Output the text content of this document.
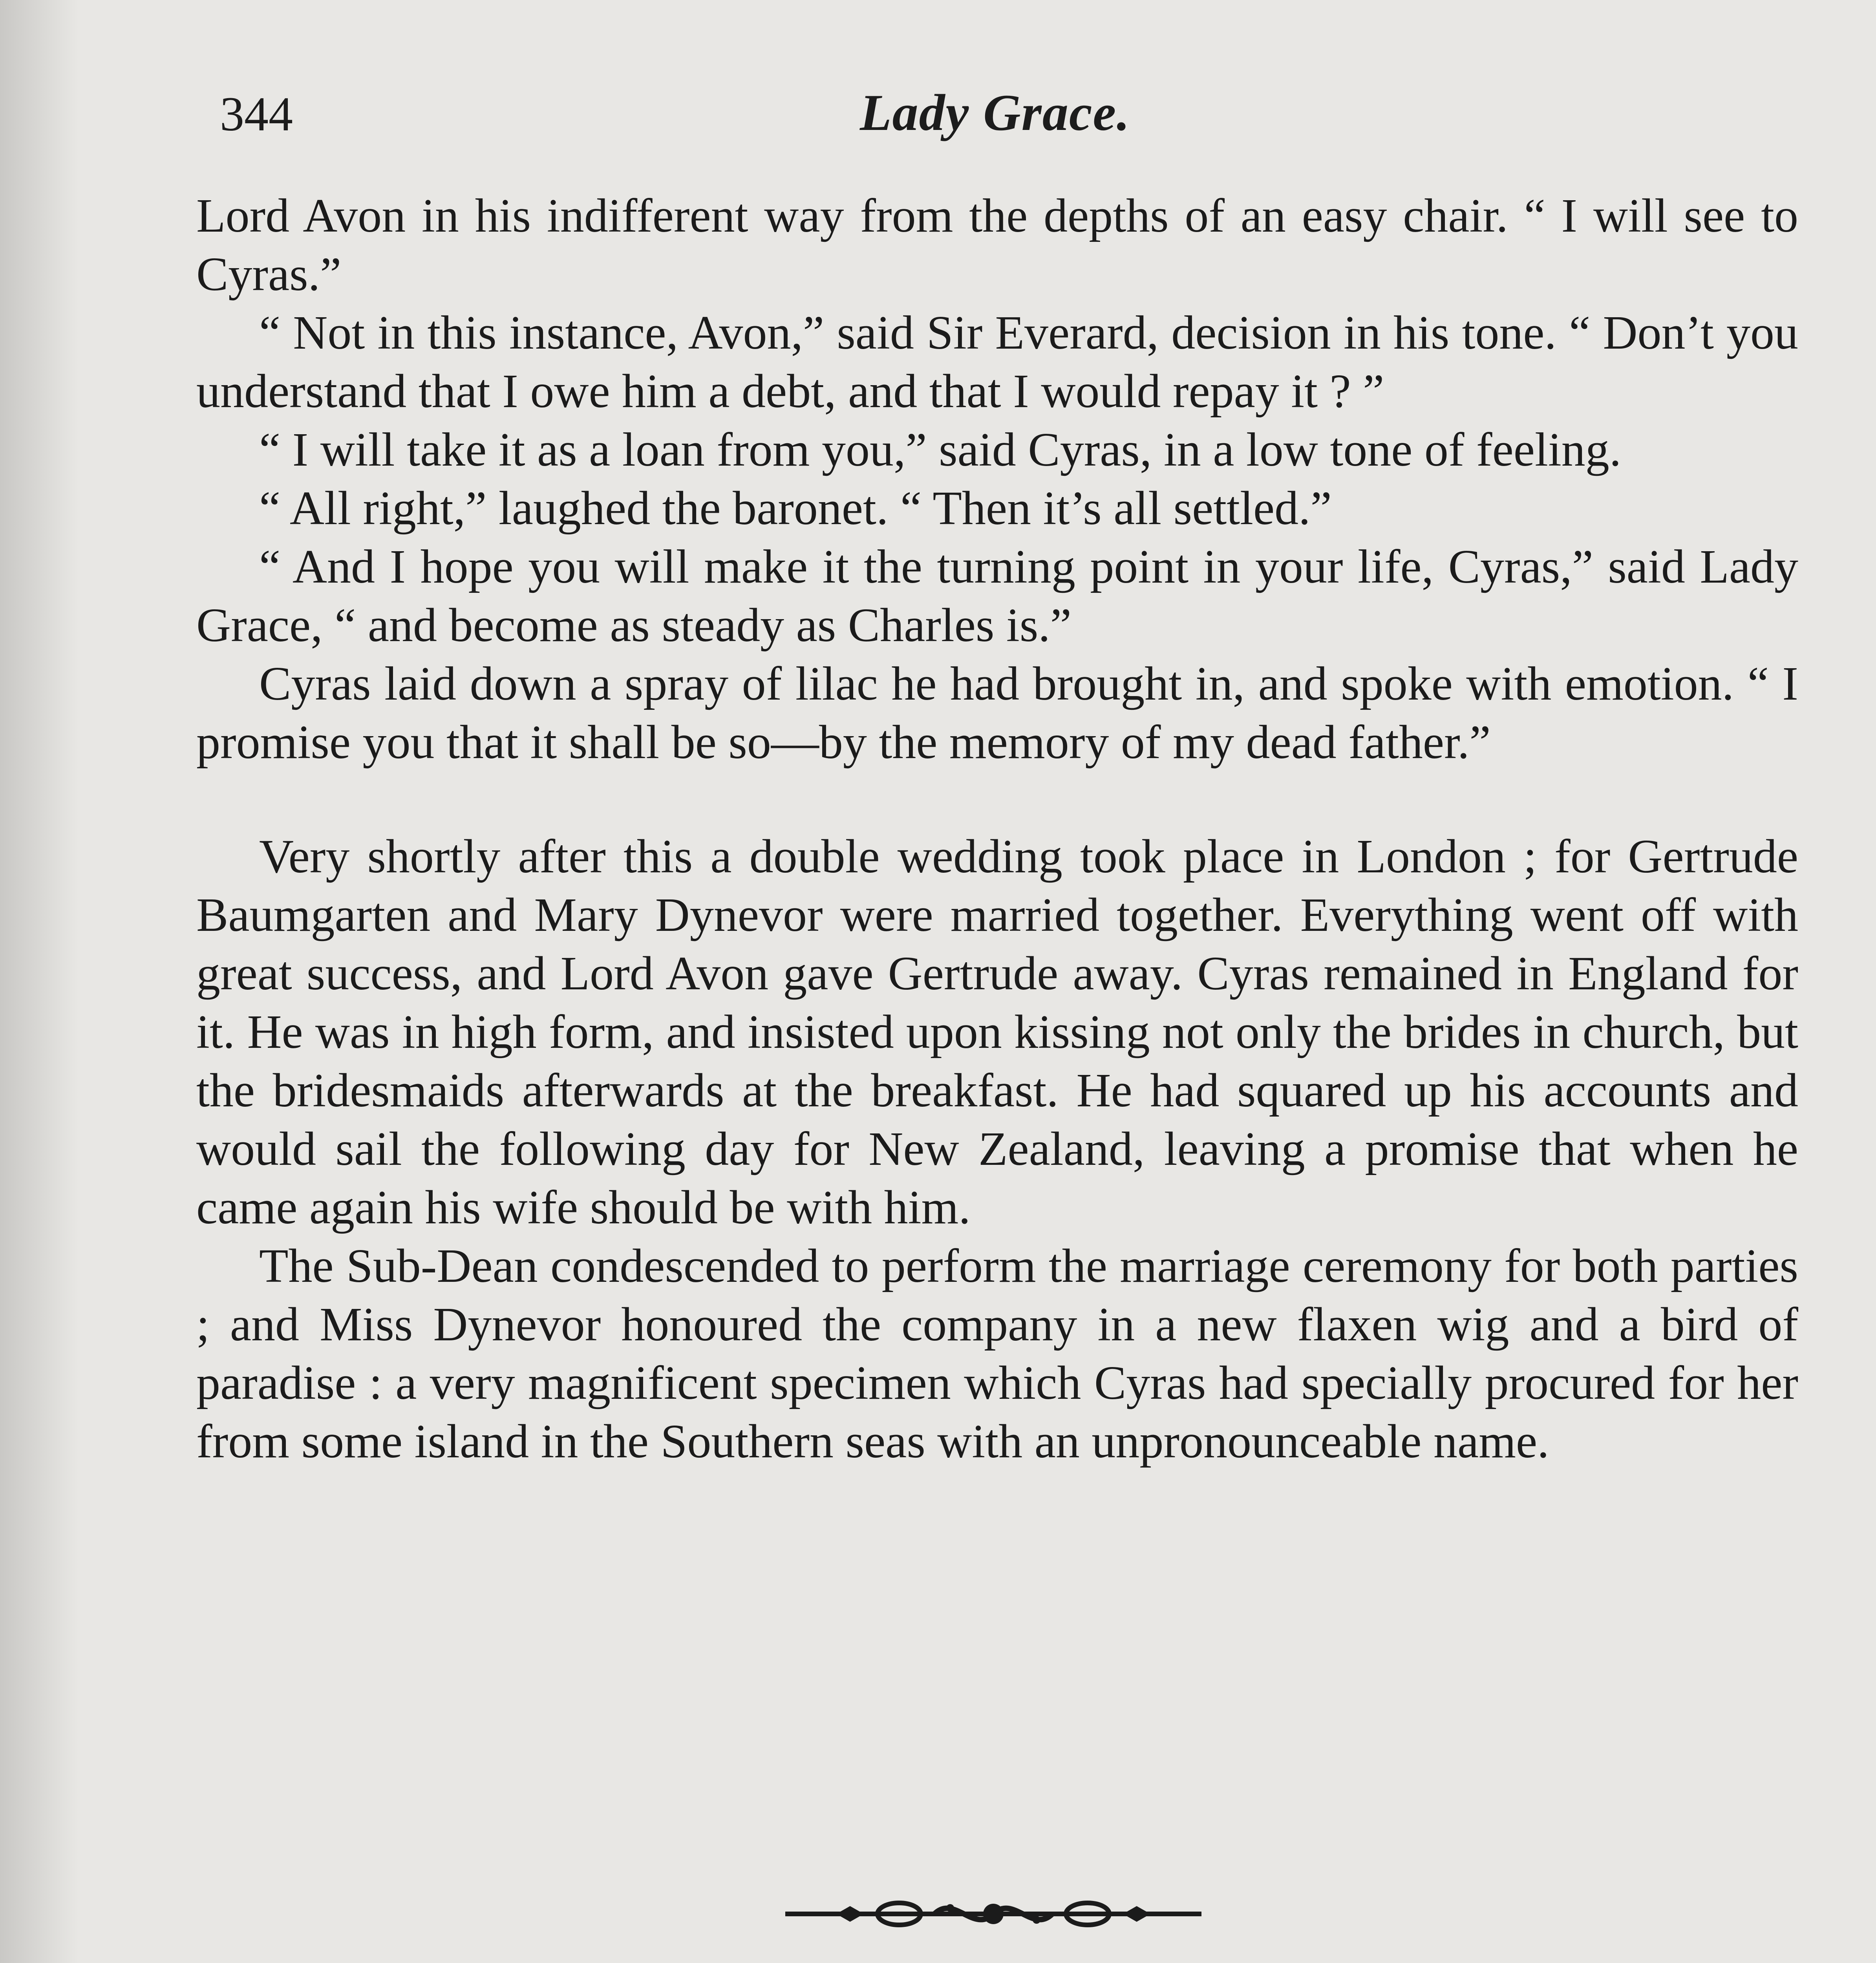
344	Lady Grace.

Lord Avon in his indifferent way from the depths of an easy chair. “ I will see to Cyras.”

“ Not in this instance, Avon,” said Sir Everard, decision in his tone. “ Don’t you understand that I owe him a debt, and that I would repay it ? ”

“ I will take it as a loan from you,” said Cyras, in a low tone of feeling.

“ All right,” laughed the baronet. “ Then it’s all settled.”

“ And I hope you will make it the turning point in your life, Cyras,” said Lady Grace, “ and become as steady as Charles is.”

Cyras laid down a spray of lilac he had brought in, and spoke with emotion. “ I promise you that it shall be so—by the memory of my dead father.”

Very shortly after this a double wedding took place in London ; for Gertrude Baumgarten and Mary Dynevor were married together. Everything went off with great success, and Lord Avon gave Gertrude away. Cyras remained in England for it. He was in high form, and insisted upon kissing not only the brides in church, but the bridesmaids afterwards at the breakfast. He had squared up his accounts and would sail the following day for New Zealand, leaving a promise that when he came again his wife should be with him.

The Sub-Dean condescended to perform the marriage ceremony for both parties ; and Miss Dynevor honoured the company in a new flaxen wig and a bird of paradise : a very magnificent specimen which Cyras had specially procured for her from some island in the Southern seas with an unpronounceable name.
